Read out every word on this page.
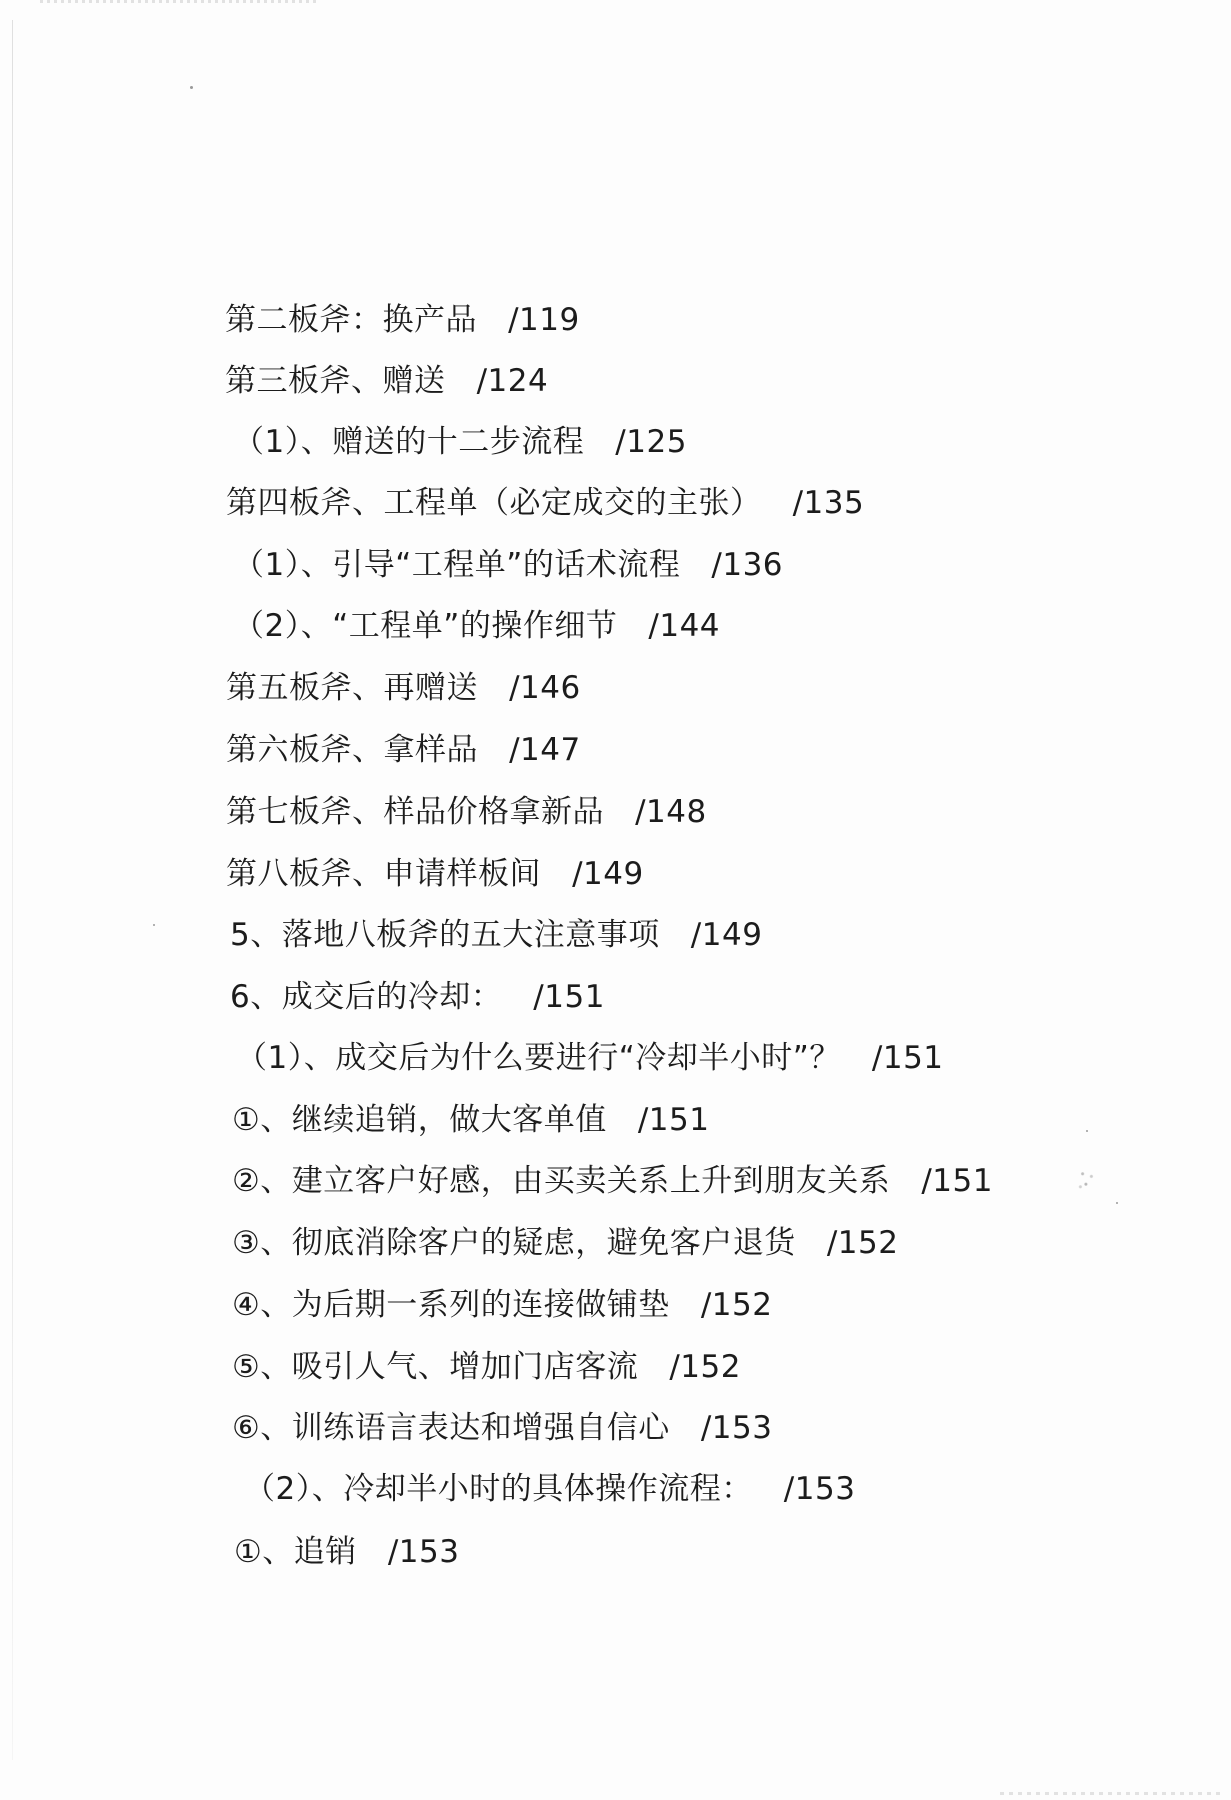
第二板斧：换产品 /119
第三板斧、赠送 /124
（1）、赠送的十二步流程 /125
第四板斧、工程单（必定成交的主张） /135
（1）、引导“工程单”的话术流程 /136
（2）、“工程单”的操作细节 /144
第五板斧、再赠送 /146
第六板斧、拿样品 /147
第七板斧、样品价格拿新品 /148
第八板斧、申请样板间 /149
5、落地八板斧的五大注意事项 /149
6、成交后的冷却： /151
（1）、成交后为什么要进行“冷却半小时”？ /151
①、继续追销，做大客单值 /151
②、建立客户好感，由买卖关系上升到朋友关系 /151
③、彻底消除客户的疑虑，避免客户退货 /152
④、为后期一系列的连接做铺垫 /152
⑤、吸引人气、增加门店客流 /152
⑥、训练语言表达和增强自信心 /153
（2）、冷却半小时的具体操作流程： /153
①、追销 /153
